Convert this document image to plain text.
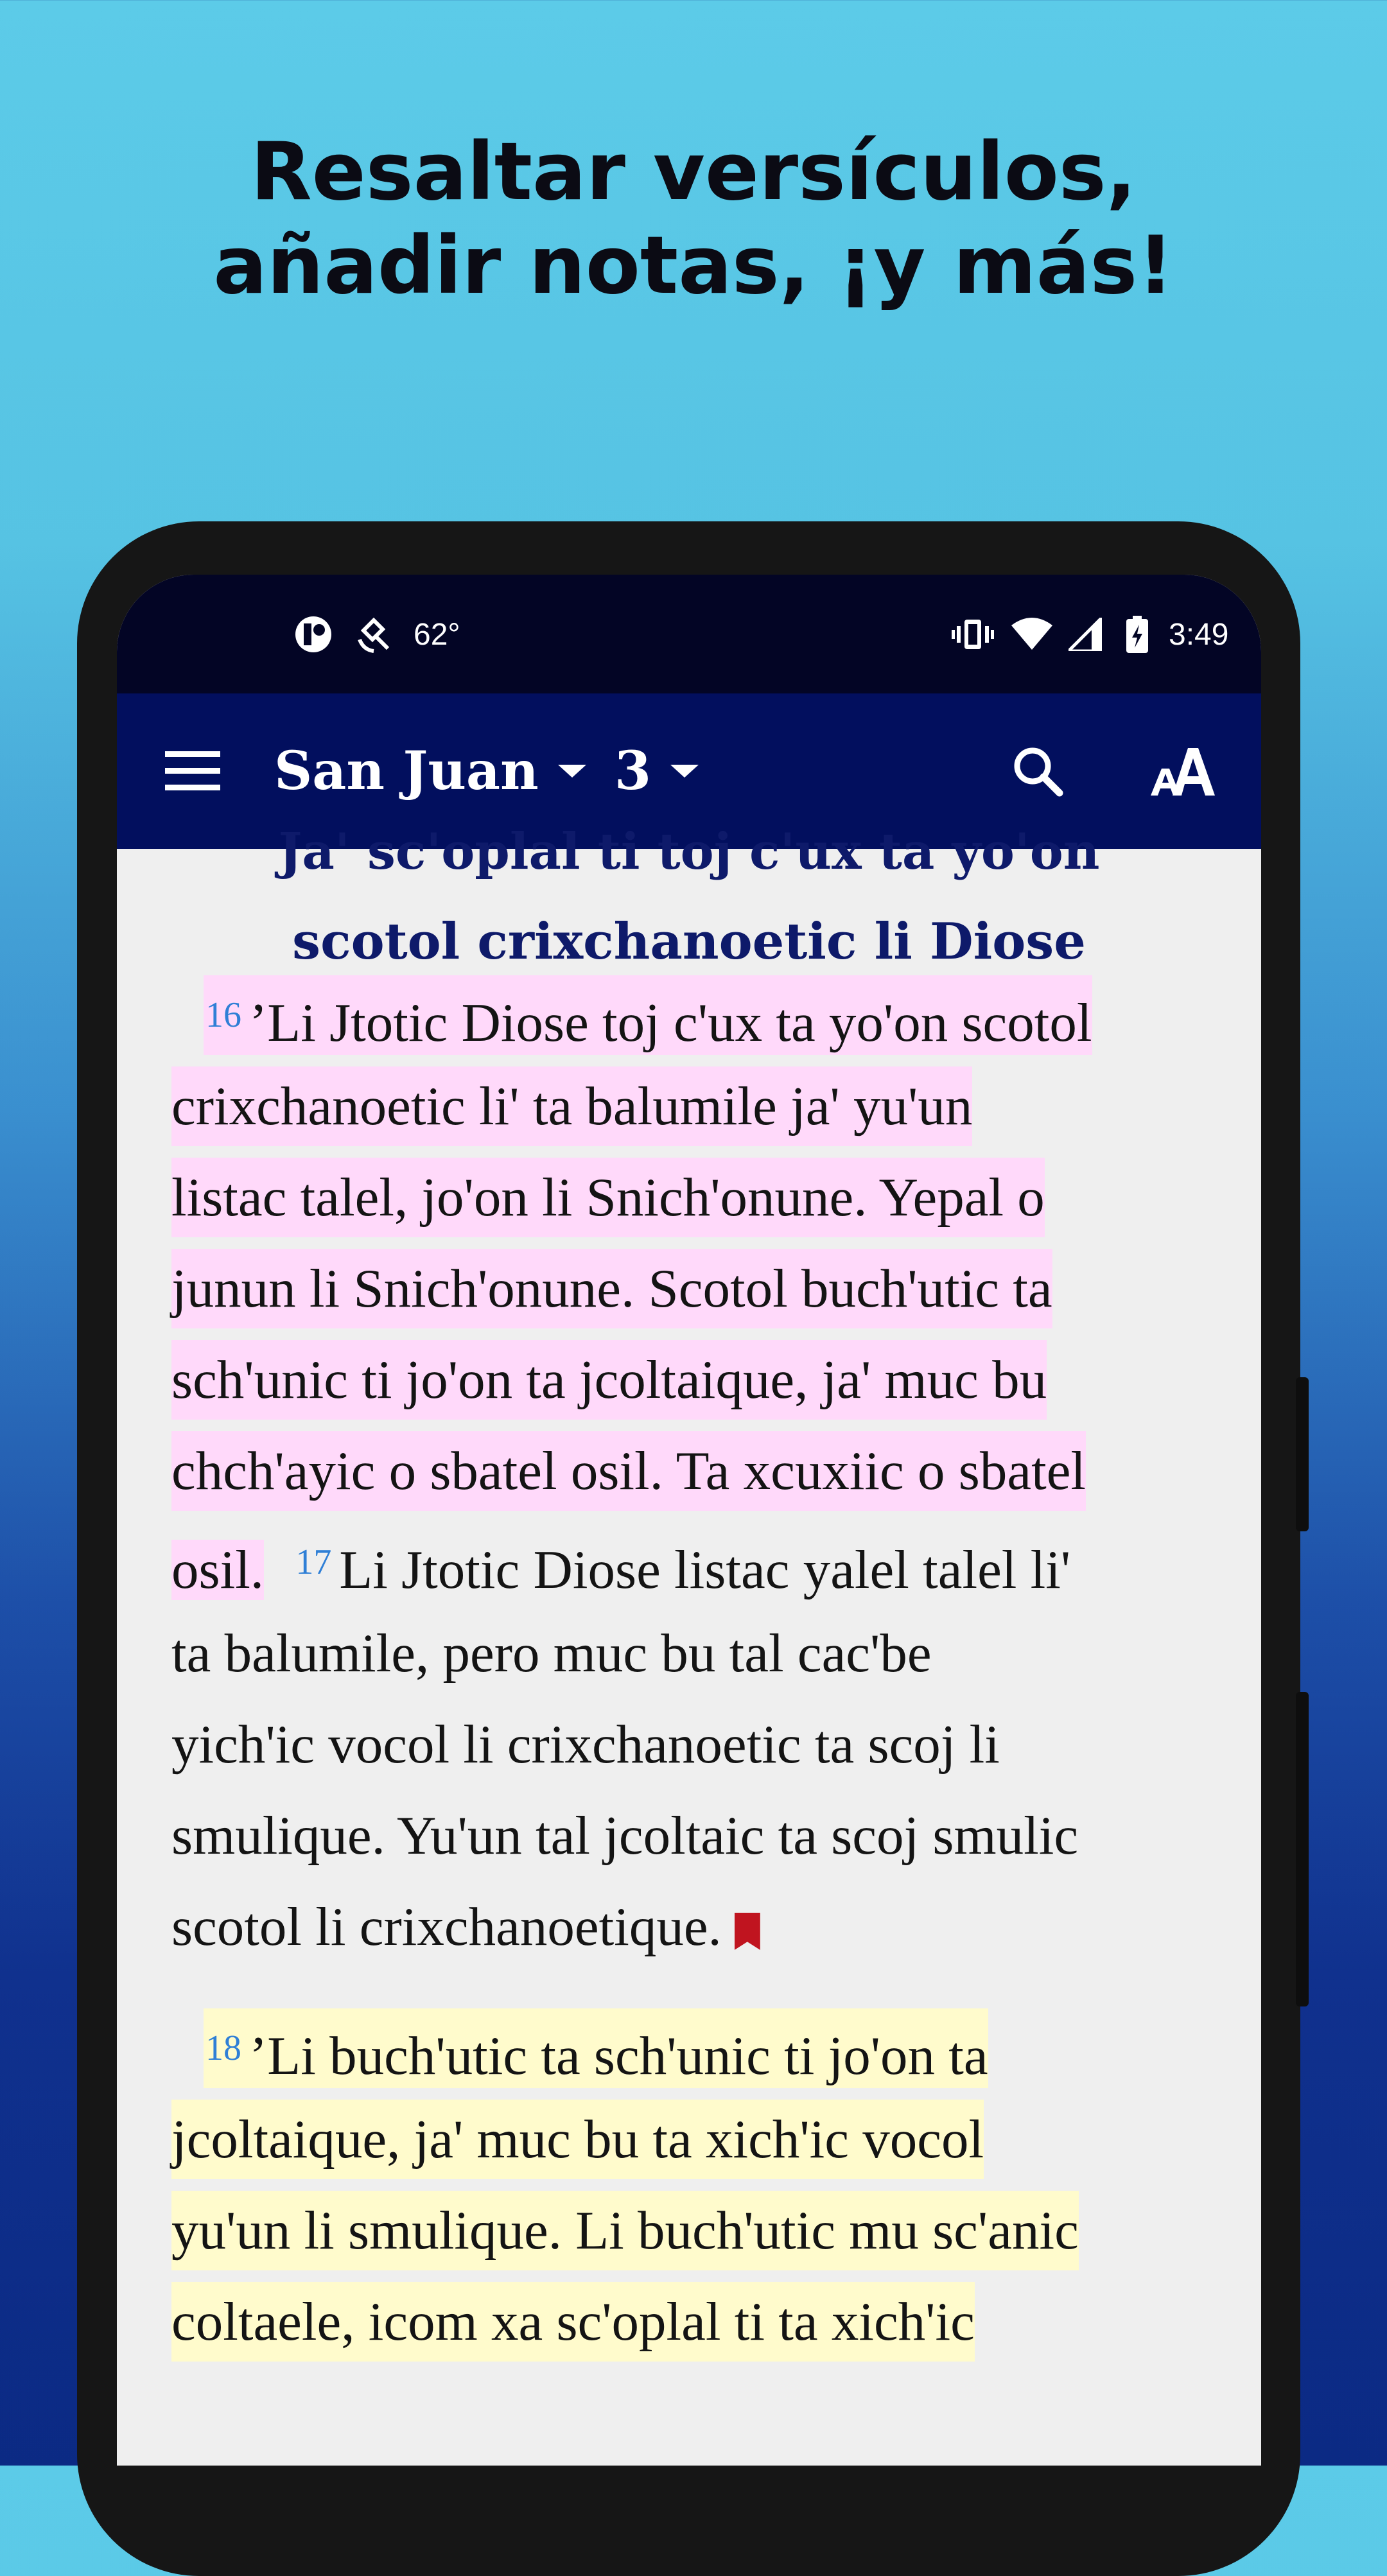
Resaltar versículos,
añadir notas, ¡y más!
62°	3:49
San Juan 3
Ja' sc'oplal ti toj c'ux ta yo'on
scotol crixchanoetic li Diose
$^{16}$ ’Li Jtotic Diose toj c'ux ta yo'on scotol
crixchanoetic li' ta balumile ja' yu'un
listac talel, jo'on li Snich'onune. Yepal o
junun li Snich'onune. Scotol buch'utic ta
sch'unic ti jo'on ta jcoltaique, ja' muc bu
chch'ayic o sbatel osil. Ta xcuxiic o sbatel
osil. $^{17}$ Li Jtotic Diose listac yalel talel li'
ta balumile, pero muc bu tal cac'be
yich'ic vocol li crixchanoetic ta scoj li
smulique. Yu'un tal jcoltaic ta scoj smulic
scotol li crixchanoetique.
$^{18}$ ’Li buch'utic ta sch'unic ti jo'on ta
jcoltaique, ja' muc bu ta xich'ic vocol
yu'un li smulique. Li buch'utic mu sc'anic
coltaele, icom xa sc'oplal ti ta xich'ic
